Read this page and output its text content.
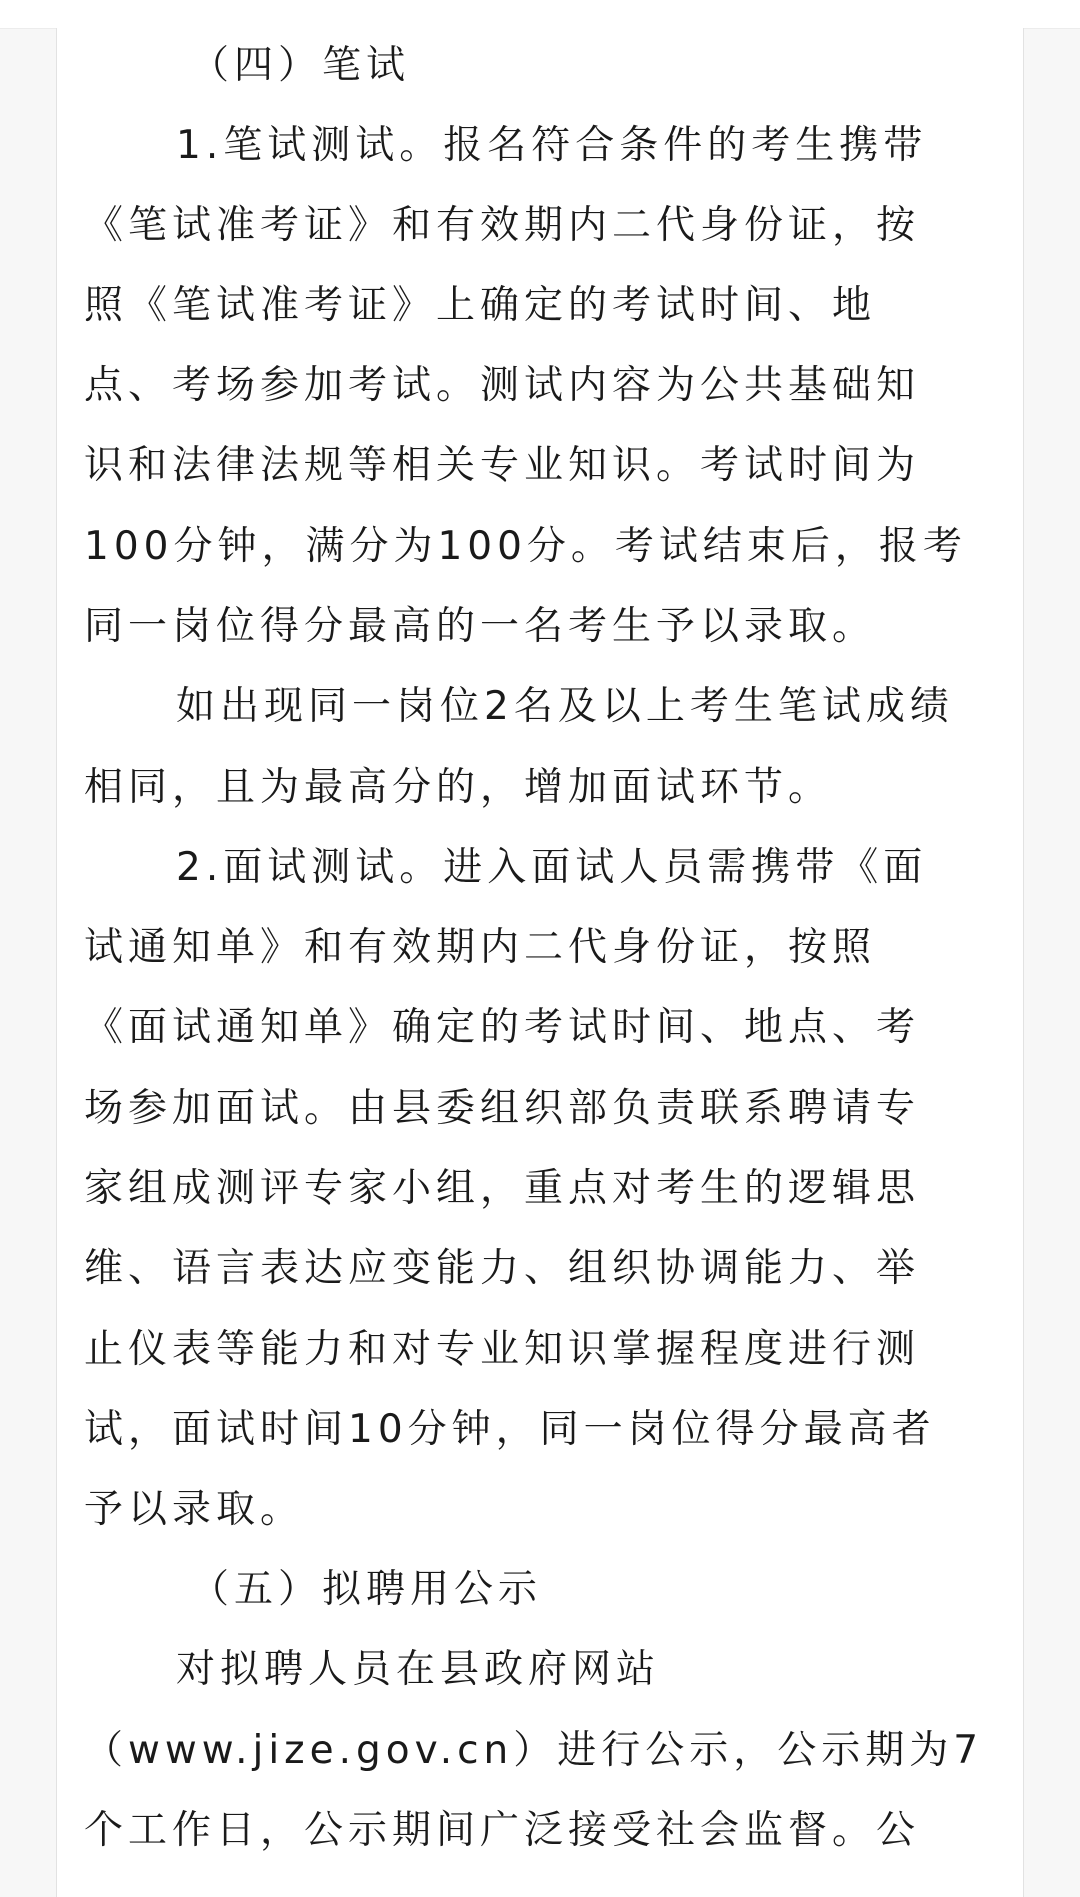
（四）笔试
1.笔试测试。报名符合条件的考生携带
《笔试准考证》和有效期内二代身份证，按
照《笔试准考证》上确定的考试时间、地
点、考场参加考试。测试内容为公共基础知
识和法律法规等相关专业知识。考试时间为
100分钟，满分为100分。考试结束后，报考
同一岗位得分最高的一名考生予以录取。
如出现同一岗位2名及以上考生笔试成绩
相同，且为最高分的，增加面试环节。
2.面试测试。进入面试人员需携带《面
试通知单》和有效期内二代身份证，按照
《面试通知单》确定的考试时间、地点、考
场参加面试。由县委组织部负责联系聘请专
家组成测评专家小组，重点对考生的逻辑思
维、语言表达应变能力、组织协调能力、举
止仪表等能力和对专业知识掌握程度进行测
试，面试时间10分钟，同一岗位得分最高者
予以录取。
（五）拟聘用公示
对拟聘人员在县政府网站
（www.jize.gov.cn）进行公示，公示期为7
个工作日，公示期间广泛接受社会监督。公
